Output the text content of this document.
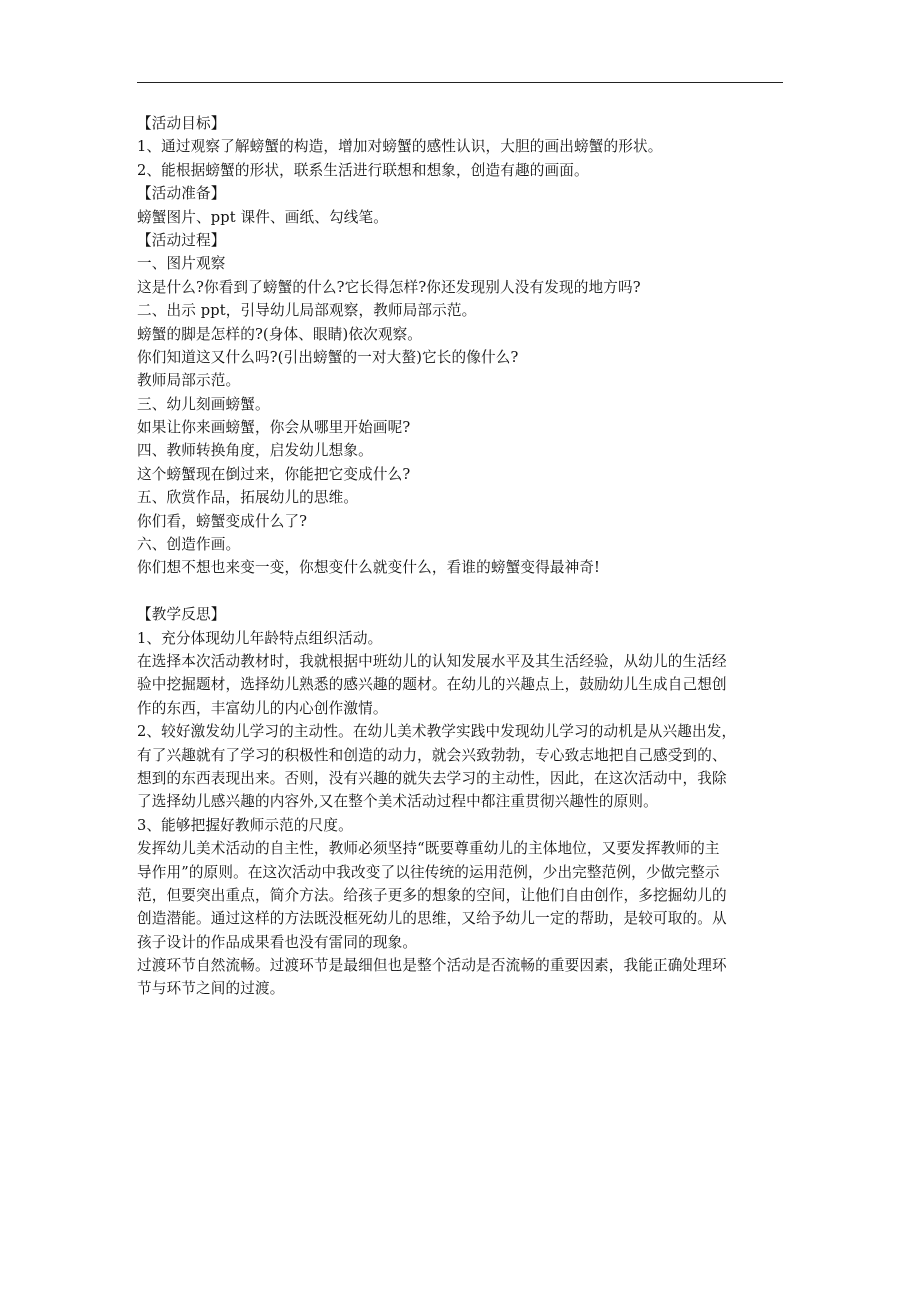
【活动目标】
1、通过观察了解螃蟹的构造，增加对螃蟹的感性认识，大胆的画出螃蟹的形状。
2、能根据螃蟹的形状，联系生活进行联想和想象，创造有趣的画面。
【活动准备】
螃蟹图片、ppt 课件、画纸、勾线笔。
【活动过程】
一、图片观察
这是什么?你看到了螃蟹的什么?它长得怎样?你还发现别人没有发现的地方吗?
二、出示 ppt，引导幼儿局部观察，教师局部示范。
螃蟹的脚是怎样的?(身体、眼睛)依次观察。
你们知道这又什么吗?(引出螃蟹的一对大螯)它长的像什么?
教师局部示范。
三、幼儿刻画螃蟹。
如果让你来画螃蟹，你会从哪里开始画呢?
四、教师转换角度，启发幼儿想象。
这个螃蟹现在倒过来，你能把它变成什么?
五、欣赏作品，拓展幼儿的思维。
你们看，螃蟹变成什么了?
六、创造作画。
你们想不想也来变一变，你想变什么就变什么，看谁的螃蟹变得最神奇!
【教学反思】
1、充分体现幼儿年龄特点组织活动。
在选择本次活动教材时，我就根据中班幼儿的认知发展水平及其生活经验，从幼儿的生活经
验中挖掘题材，选择幼儿熟悉的感兴趣的题材。在幼儿的兴趣点上，鼓励幼儿生成自己想创
作的东西，丰富幼儿的内心创作激情。
2、较好激发幼儿学习的主动性。在幼儿美术教学实践中发现幼儿学习的动机是从兴趣出发，
有了兴趣就有了学习的积极性和创造的动力，就会兴致勃勃，专心致志地把自己感受到的、
想到的东西表现出来。否则，没有兴趣的就失去学习的主动性，因此，在这次活动中，我除
了选择幼儿感兴趣的内容外,又在整个美术活动过程中都注重贯彻兴趣性的原则。
3、能够把握好教师示范的尺度。
发挥幼儿美术活动的自主性，教师必须坚持“既要尊重幼儿的主体地位，又要发挥教师的主
导作用”的原则。在这次活动中我改变了以往传统的运用范例，少出完整范例，少做完整示
范，但要突出重点，简介方法。给孩子更多的想象的空间，让他们自由创作，多挖掘幼儿的
创造潜能。通过这样的方法既没框死幼儿的思维，又给予幼儿一定的帮助，是较可取的。从
孩子设计的作品成果看也没有雷同的现象。
过渡环节自然流畅。过渡环节是最细但也是整个活动是否流畅的重要因素，我能正确处理环
节与环节之间的过渡。
